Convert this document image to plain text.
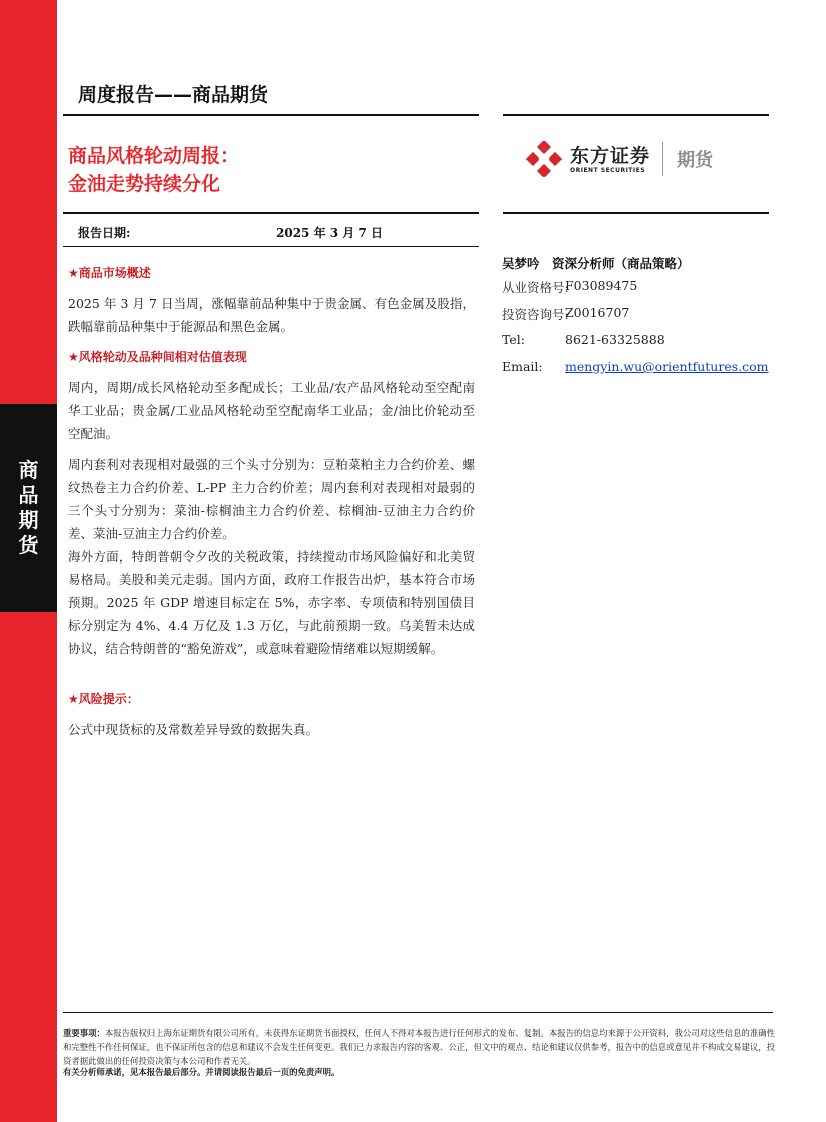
商
品
期
货
周度报告——商品期货
商品风格轮动周报：
金油走势持续分化
东方证券
ORIENT SECURITIES 期货
报告日期:	2025 年 3 月 7 日
★商品市场概述
2025 年 3 月 7 日当周，涨幅靠前品种集中于贵金属、有色金属及股指，跌幅靠前品种集中于能源品和黑色金属。
★风格轮动及品种间相对估值表现
周内，周期/成长风格轮动至多配成长；工业品/农产品风格轮动至空配南华工业品；贵金属/工业品风格轮动至空配南华工业品；金/油比价轮动至空配油。
周内套利对表现相对最强的三个头寸分别为：豆粕菜粕主力合约价差、螺纹热卷主力合约价差、L-PP 主力合约价差；周内套利对表现相对最弱的三个头寸分别为：菜油-棕榈油主力合约价差、棕榈油-豆油主力合约价差、菜油-豆油主力合约价差。
海外方面，特朗普朝令夕改的关税政策，持续搅动市场风险偏好和北美贸易格局。美股和美元走弱。国内方面，政府工作报告出炉，基本符合市场预期。2025 年 GDP 增速目标定在 5%，赤字率、专项债和特别国债目标分别定为 4%、4.4 万亿及 1.3 万亿，与此前预期一致。乌美暂未达成协议，结合特朗普的“豁免游戏”，或意味着避险情绪难以短期缓解。
★风险提示：
公式中现货标的及常数差异导致的数据失真。
吴梦吟　资深分析师（商品策略）
从业资格号:
F03089475
投资咨询号:
Z0016707
Tel:	8621-63325888
Email: mengyin.wu@orientfutures.com
重要事项：本报告版权归上海东证期货有限公司所有。未获得东证期货书面授权，任何人不得对本报告进行任何形式的发布、复制。本报告的信息均来源于公开资料，我公司对这些信息的准确性和完整性不作任何保证，也不保证所包含的信息和建议不会发生任何变更。我们已力求报告内容的客观、公正，但文中的观点、结论和建议仅供参考，报告中的信息或意见并不构成交易建议，投资者据此做出的任何投资决策与本公司和作者无关。
有关分析师承诺，见本报告最后部分。并请阅读报告最后一页的免责声明。
